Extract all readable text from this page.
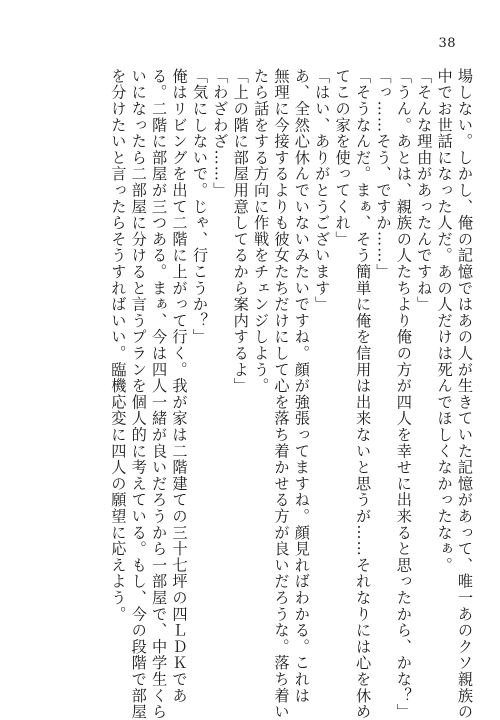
38
場しない。しかし、俺の記憶ではあの人が生きていた記憶があって、唯一あのクソ親族の
中でお世話になった人だ。あの人だけは死んでほしくなかったなぁ。
「そんな理由があったんですね」
「うん。あとは、親族の人たちより俺の方が四人を幸せに出来ると思ったから、かな？」
「っ……そう、ですか……」
「そうなんだ。まぁ、そう簡単に俺を信用は出来ないと思うが……それなりには心を休め
てこの家を使ってくれ」
「はい、ありがとうございます」
あ、全然心休んでいないみたいですね。顔が強張ってますね。顔見ればわかる。これは
無理に今接するよりも彼女たちだけにして心を落ち着かせる方が良いだろうな。落ち着い
たら話をする方向に作戦をチェンジしよう。
「上の階に部屋用意してるから案内するよ」
「わざわざ……」
「気にしないで。じゃ、行こうか？」
俺はリビングを出て二階に上がって行く。我が家は二階建ての三十七坪の四ＬＤＫであ
る。二階に部屋が三つある。まぁ、今は四人一緒が良いだろうから一部屋で、中学生くら
いになったら二部屋に分けると言うプランを個人的に考えている。もし、今の段階で部屋
を分けたいと言ったらそうすればいい。臨機応変に四人の願望に応えよう。
